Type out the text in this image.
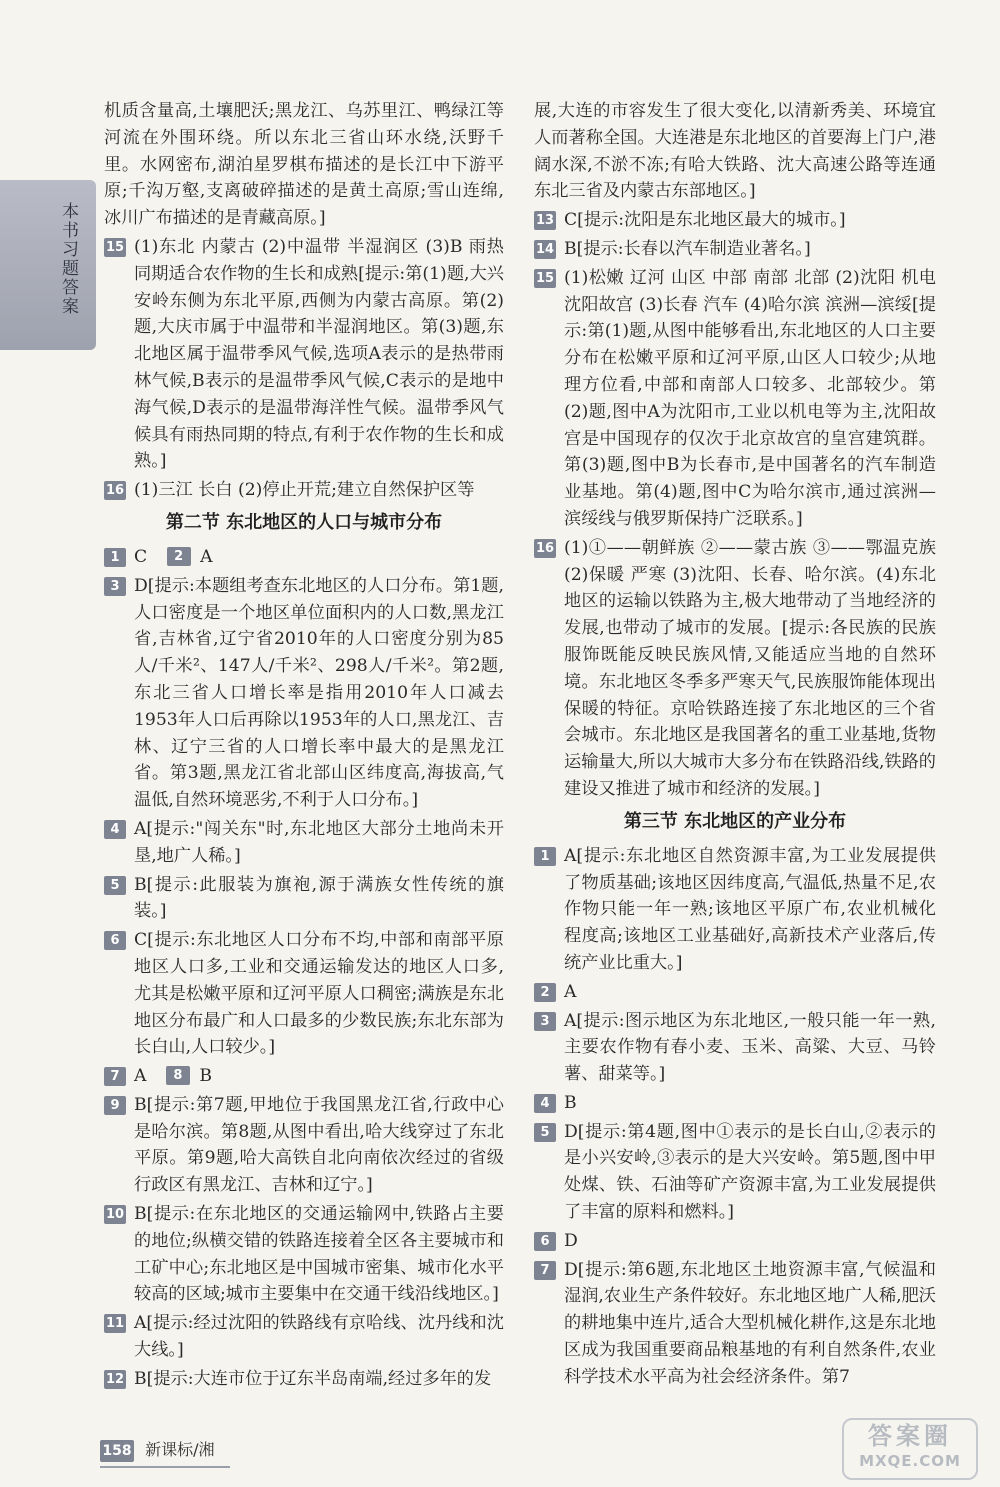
本书习题答案

机质含量高,土壤肥沃;黑龙江、乌苏里江、鸭绿江等河流在外围环绕。所以东北三省山环水绕,沃野千里。水网密布,湖泊星罗棋布描述的是长江中下游平原;千沟万壑,支离破碎描述的是黄土高原;雪山连绵,冰川广布描述的是青藏高原。]

15 (1)东北 内蒙古 (2)中温带 半湿润区 (3)B 雨热同期适合农作物的生长和成熟[提示:第(1)题,大兴安岭东侧为东北平原,西侧为内蒙古高原。第(2)题,大庆市属于中温带和半湿润地区。第(3)题,东北地区属于温带季风气候,选项A表示的是热带雨林气候,B表示的是温带季风气候,C表示的是地中海气候,D表示的是温带海洋性气候。温带季风气候具有雨热同期的特点,有利于农作物的生长和成熟。]
16 (1)三江 长白 (2)停止开荒;建立自然保护区等
第二节 东北地区的人口与城市分布
1 C 2 A
3 D[提示:本题组考查东北地区的人口分布。第1题,人口密度是一个地区单位面积内的人口数,黑龙江省,吉林省,辽宁省2010年的人口密度分别为85人/千米²、147人/千米²、298人/千米²。第2题,东北三省人口增长率是指用2010年人口减去1953年人口后再除以1953年的人口,黑龙江、吉林、辽宁三省的人口增长率中最大的是黑龙江省。第3题,黑龙江省北部山区纬度高,海拔高,气温低,自然环境恶劣,不利于人口分布。]
4 A[提示:"闯关东"时,东北地区大部分土地尚未开垦,地广人稀。]
5 B[提示:此服装为旗袍,源于满族女性传统的旗装。]
6 C[提示:东北地区人口分布不均,中部和南部平原地区人口多,工业和交通运输发达的地区人口多,尤其是松嫩平原和辽河平原人口稠密;满族是东北地区分布最广和人口最多的少数民族;东北东部为长白山,人口较少。]
7 A 8 B
9 B[提示:第7题,甲地位于我国黑龙江省,行政中心是哈尔滨。第8题,从图中看出,哈大线穿过了东北平原。第9题,哈大高铁自北向南依次经过的省级行政区有黑龙江、吉林和辽宁。]
10 B[提示:在东北地区的交通运输网中,铁路占主要的地位;纵横交错的铁路连接着全区各主要城市和工矿中心;东北地区是中国城市密集、城市化水平较高的区域;城市主要集中在交通干线沿线地区。]
11 A[提示:经过沈阳的铁路线有京哈线、沈丹线和沈大线。]
12 B[提示:大连市位于辽东半岛南端,经过多年的发

展,大连的市容发生了很大变化,以清新秀美、环境宜人而著称全国。大连港是东北地区的首要海上门户,港阔水深,不淤不冻;有哈大铁路、沈大高速公路等连通东北三省及内蒙古东部地区。]

13 C[提示:沈阳是东北地区最大的城市。]
14 B[提示:长春以汽车制造业著名。]
15 (1)松嫩 辽河 山区 中部 南部 北部 (2)沈阳 机电 沈阳故宫 (3)长春 汽车 (4)哈尔滨 滨洲—滨绥[提示:第(1)题,从图中能够看出,东北地区的人口主要分布在松嫩平原和辽河平原,山区人口较少;从地理方位看,中部和南部人口较多、北部较少。第(2)题,图中A为沈阳市,工业以机电等为主,沈阳故宫是中国现存的仅次于北京故宫的皇宫建筑群。第(3)题,图中B为长春市,是中国著名的汽车制造业基地。第(4)题,图中C为哈尔滨市,通过滨洲—滨绥线与俄罗斯保持广泛联系。]
16 (1)①——朝鲜族 ②——蒙古族 ③——鄂温克族 (2)保暖 严寒 (3)沈阳、长春、哈尔滨。(4)东北地区的运输以铁路为主,极大地带动了当地经济的发展,也带动了城市的发展。[提示:各民族的民族服饰既能反映民族风情,又能适应当地的自然环境。东北地区冬季多严寒天气,民族服饰能体现出保暖的特征。京哈铁路连接了东北地区的三个省会城市。东北地区是我国著名的重工业基地,货物运输量大,所以大城市大多分布在铁路沿线,铁路的建设又推进了城市和经济的发展。]
第三节 东北地区的产业分布
1 A[提示:东北地区自然资源丰富,为工业发展提供了物质基础;该地区因纬度高,气温低,热量不足,农作物只能一年一熟;该地区平原广布,农业机械化程度高;该地区工业基础好,高新技术产业落后,传统产业比重大。]
2 A
3 A[提示:图示地区为东北地区,一般只能一年一熟,主要农作物有春小麦、玉米、高粱、大豆、马铃薯、甜菜等。]
4 B
5 D[提示:第4题,图中①表示的是长白山,②表示的是小兴安岭,③表示的是大兴安岭。第5题,图中甲处煤、铁、石油等矿产资源丰富,为工业发展提供了丰富的原料和燃料。]
6 D
7 D[提示:第6题,东北地区土地资源丰富,气候温和湿润,农业生产条件较好。东北地区地广人稀,肥沃的耕地集中连片,适合大型机械化耕作,这是东北地区成为我国重要商品粮基地的有利自然条件,农业科学技术水平高为社会经济条件。第7
158 新课标/湘	答案圈
MXQE.COM
